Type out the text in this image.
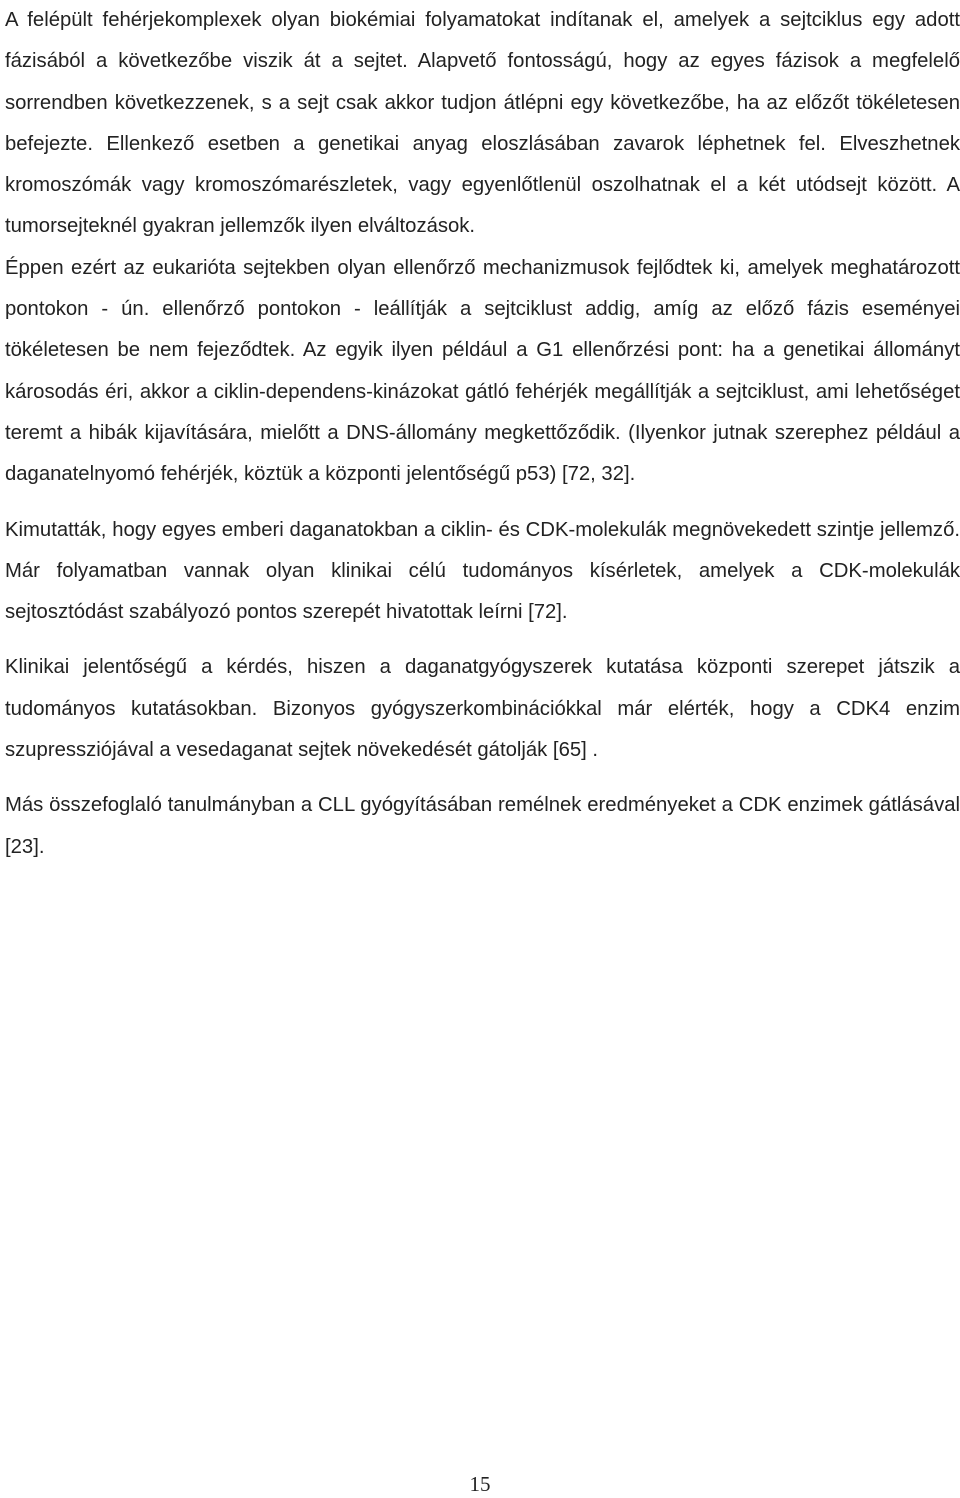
A felépült fehérjekomplexek olyan biokémiai folyamatokat indítanak el, amelyek a sejtciklus egy adott fázisából a következőbe viszik át a sejtet. Alapvető fontosságú, hogy az egyes fázisok a megfelelő sorrendben következzenek, s a sejt csak akkor tudjon átlépni egy következőbe, ha az előzőt tökéletesen befejezte. Ellenkező esetben a genetikai anyag eloszlásában zavarok léphetnek fel. Elveszhetnek kromoszómák vagy kromoszómarészletek, vagy egyenlőtlenül oszolhatnak el a két utódsejt között. A tumorsejteknél gyakran jellemzők ilyen elváltozások.

Éppen ezért az eukarióta sejtekben olyan ellenőrző mechanizmusok fejlődtek ki, amelyek meghatározott pontokon - ún. ellenőrző pontokon - leállítják a sejtciklust addig, amíg az előző fázis eseményei tökéletesen be nem fejeződtek. Az egyik ilyen például a G1 ellenőrzési pont: ha a genetikai állományt károsodás éri, akkor a ciklin-dependens-kinázokat gátló fehérjék megállítják a sejtciklust, ami lehetőséget teremt a hibák kijavítására, mielőtt a DNS-állomány megkettőződik. (Ilyenkor jutnak szerephez például a daganatelnyomó fehérjék, köztük a központi jelentőségű p53) [72, 32].

Kimutatták, hogy egyes emberi daganatokban a ciklin- és CDK-molekulák megnövekedett szintje jellemző. Már folyamatban vannak olyan klinikai célú tudományos kísérletek, amelyek a CDK-molekulák sejtosztódást szabályozó pontos szerepét hivatottak leírni [72].

Klinikai jelentőségű a kérdés, hiszen a daganatgyógyszerek kutatása központi szerepet játszik a tudományos kutatásokban. Bizonyos gyógyszerkombinációkkal már elérték, hogy a CDK4 enzim szupressziójával a vesedaganat sejtek növekedését gátolják [65] .

Más összefoglaló tanulmányban a CLL gyógyításában remélnek eredményeket a CDK enzimek gátlásával [23].

15
